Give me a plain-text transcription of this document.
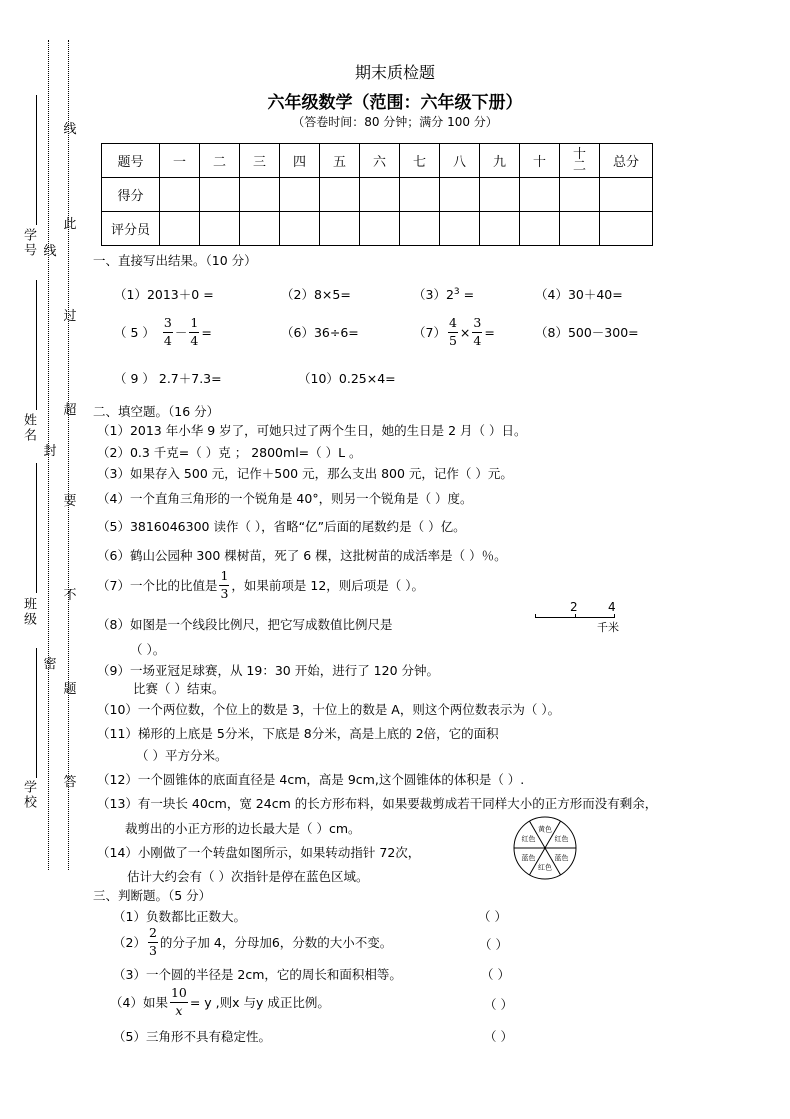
学号
姓名
班级
学校
线
封
密
线
此
过
超
要
不
题
答
期末质检题
六年级数学（范围：六年级下册）
（答卷时间：80 分钟；满分 100 分）
题号	一	二	三	四	五	六	七	八	九	十	十二	总分
得分												
评分员												
一、直接写出结果。（10 分）
（1）2013＋0 =	（2）8×5=	$(3)2^3$ =	（4）30＋40=
（ 5 ） $\frac{3}{4} - \frac{1}{4}$ =	（6）36÷6=	$(7) \frac{4}{5} \times \frac{3}{4}$ =	（8）500－300=
（ 9 ） 2.7＋7.3=	（10）0.25×4=
二、填空题。（16 分）
（1）2013 年小华 9 岁了，可她只过了两个生日，她的生日是 2 月（ ）日。
（2）0.3 千克=（ ）克 ； 2800ml=（ ）L 。
（3）如果存入 500 元，记作＋500 元，那么支出 800 元，记作（ ）元。
（4）一个直角三角形的一个锐角是 40°，则另一个锐角是（ ）度。
（5）3816046300 读作（ ），省略“亿”后面的尾数约是（ ）亿。
（6）鹤山公园种 300 棵树苗，死了 6 棵，这批树苗的成活率是（ ）％。
（7）一个比的比值是 $\frac{1}{3}$ ，如果前项是 12，则后项是（ ）。
（8）如图是一个线段比例尺，把它写成数值比例尺是
（ ）。
2	4
千米
（9）一场亚冠足球赛，从 19：30 开始，进行了 120 分钟。
比赛（ ）结束。
（10）一个两位数，个位上的数是 3，十位上的数是 A，则这个两位数表示为（ ）。
（11）梯形的上底是 5分米，下底是 8分米，高是上底的 2倍，它的面积
（ ）平方分米。
（12）一个圆锥体的底面直径是 4cm，高是 9cm,这个圆锥体的体积是（ ）.
（13）有一块长 40cm，宽 24cm 的长方形布料，如果要裁剪成若干同样大小的正方形而没有剩余，
裁剪出的小正方形的边长最大是（ ）cm。
（14）小刚做了一个转盘如图所示，如果转动指针 72次，
估计大约会有（ ）次指针是停在蓝色区域。
黄色
红色
蓝色
红色
蓝色
红色
三、判断题。（5 分）
（1）负数都比正数大。	（ ）
$(2) \frac{2}{3}$ 的分子加 4，分母加6，分数的大小不变。	（ ）
（3）一个圆的半径是 2cm，它的周长和面积相等。	（ ）
（4）如果 $\frac{10}{x} = y$ ,则x 与y 成正比例。	（ ）
（5）三角形不具有稳定性。	（ ）
